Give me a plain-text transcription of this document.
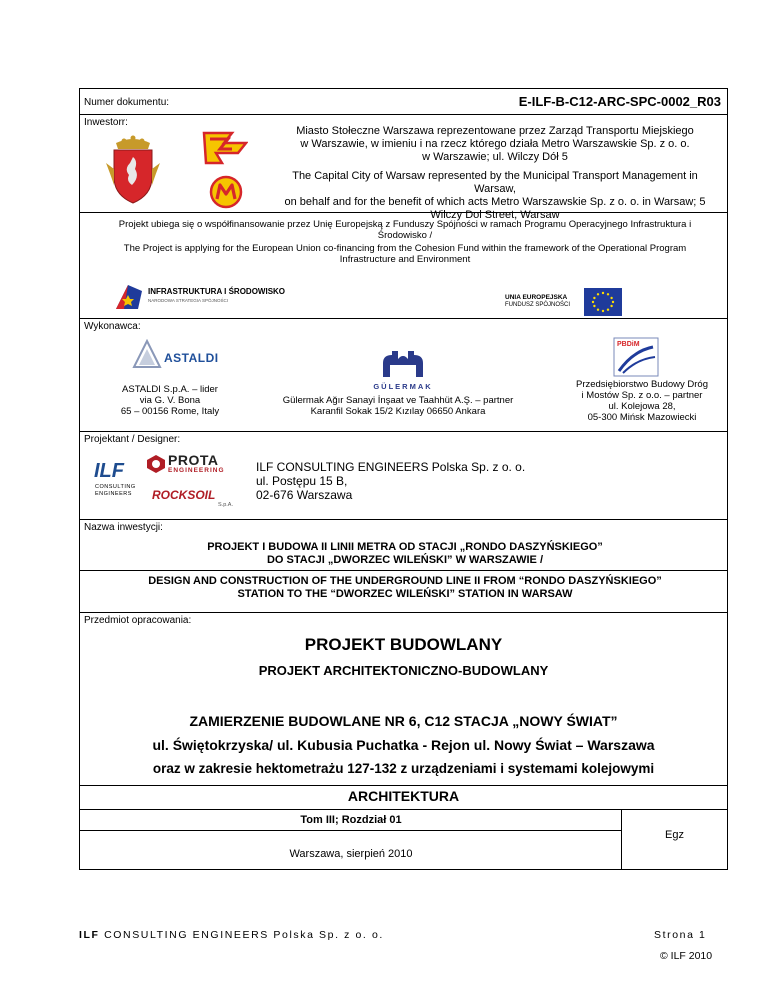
Numer dokumentu:	E-ILF-B-C12-ARC-SPC-0002_R03
Inwestorr:
Miasto Stołeczne Warszawa reprezentowane przez Zarząd Transportu Miejskiego
w Warszawie, w imieniu i na rzecz którego działa Metro Warszawskie Sp. z o. o.
w Warszawie; ul. Wilczy Dół 5
The Capital City of Warsaw represented by the Municipal Transport Management in Warsaw,
on behalf and for the benefit of which acts Metro Warszawskie Sp. z o. o. in Warsaw; 5
Wilczy Dol Street, Warsaw
Projekt ubiega się o współfinansowanie przez Unię Europejską z Funduszy Spójności w ramach Programu Operacyjnego Infrastruktura i
Środowisko /
The Project is applying for the European Union co-financing from the Cohesion Fund within the framework of the Operational Program
Infrastructure and Environment
INFRASTRUKTURA I ŚRODOWISKO
NARODOWA STRATEGIA SPÓJNOŚCI	UNIA EUROPEJSKA
FUNDUSZ SPÓJNOŚCI
Wykonawca:
ASTALDI
GÜLERMAK
PBDiM
ASTALDI S.p.A. – lider
via G. V. Bona
65 – 00156 Rome, Italy
Gülermak Ağır Sanayi İnşaat ve Taahhüt A.Ş. – partner
Karanfil Sokak 15/2 Kızılay 06650 Ankara
Przedsiębiorstwo Budowy Dróg
i Mostów Sp. z o.o. – partner
ul. Kolejowa 28,
05-300 Mińsk Mazowiecki
Projektant / Designer:
ILF
CONSULTING
ENGINEERS
PROTA
ENGINEERING
ROCKSOIL
S.p.A.
ILF CONSULTING ENGINEERS Polska Sp. z o. o.
ul. Postępu 15 B,
02-676 Warszawa
Nazwa inwestycji:
PROJEKT I BUDOWA II LINII METRA OD STACJI „RONDO DASZYŃSKIEGO”
DO STACJI „DWORZEC WILEŃSKI” W WARSZAWIE /
DESIGN AND CONSTRUCTION OF THE UNDERGROUND LINE II FROM “RONDO DASZYŃSKIEGO”
STATION TO THE “DWORZEC WILEŃSKI” STATION IN WARSAW
Przedmiot opracowania:
PROJEKT BUDOWLANY
PROJEKT ARCHITEKTONICZNO-BUDOWLANY
ZAMIERZENIE BUDOWLANE NR 6, C12 STACJA „NOWY ŚWIAT”
ul. Świętokrzyska/ ul. Kubusia Puchatka - Rejon ul. Nowy Świat – Warszawa
oraz w zakresie hektometrażu 127-132 z urządzeniami i systemami kolejowymi
ARCHITEKTURA
Tom III; Rozdział 01
Warszawa, sierpień 2010
Egz
ILF CONSULTING ENGINEERS Polska Sp. z o. o.	Strona 1
© ILF 2010
